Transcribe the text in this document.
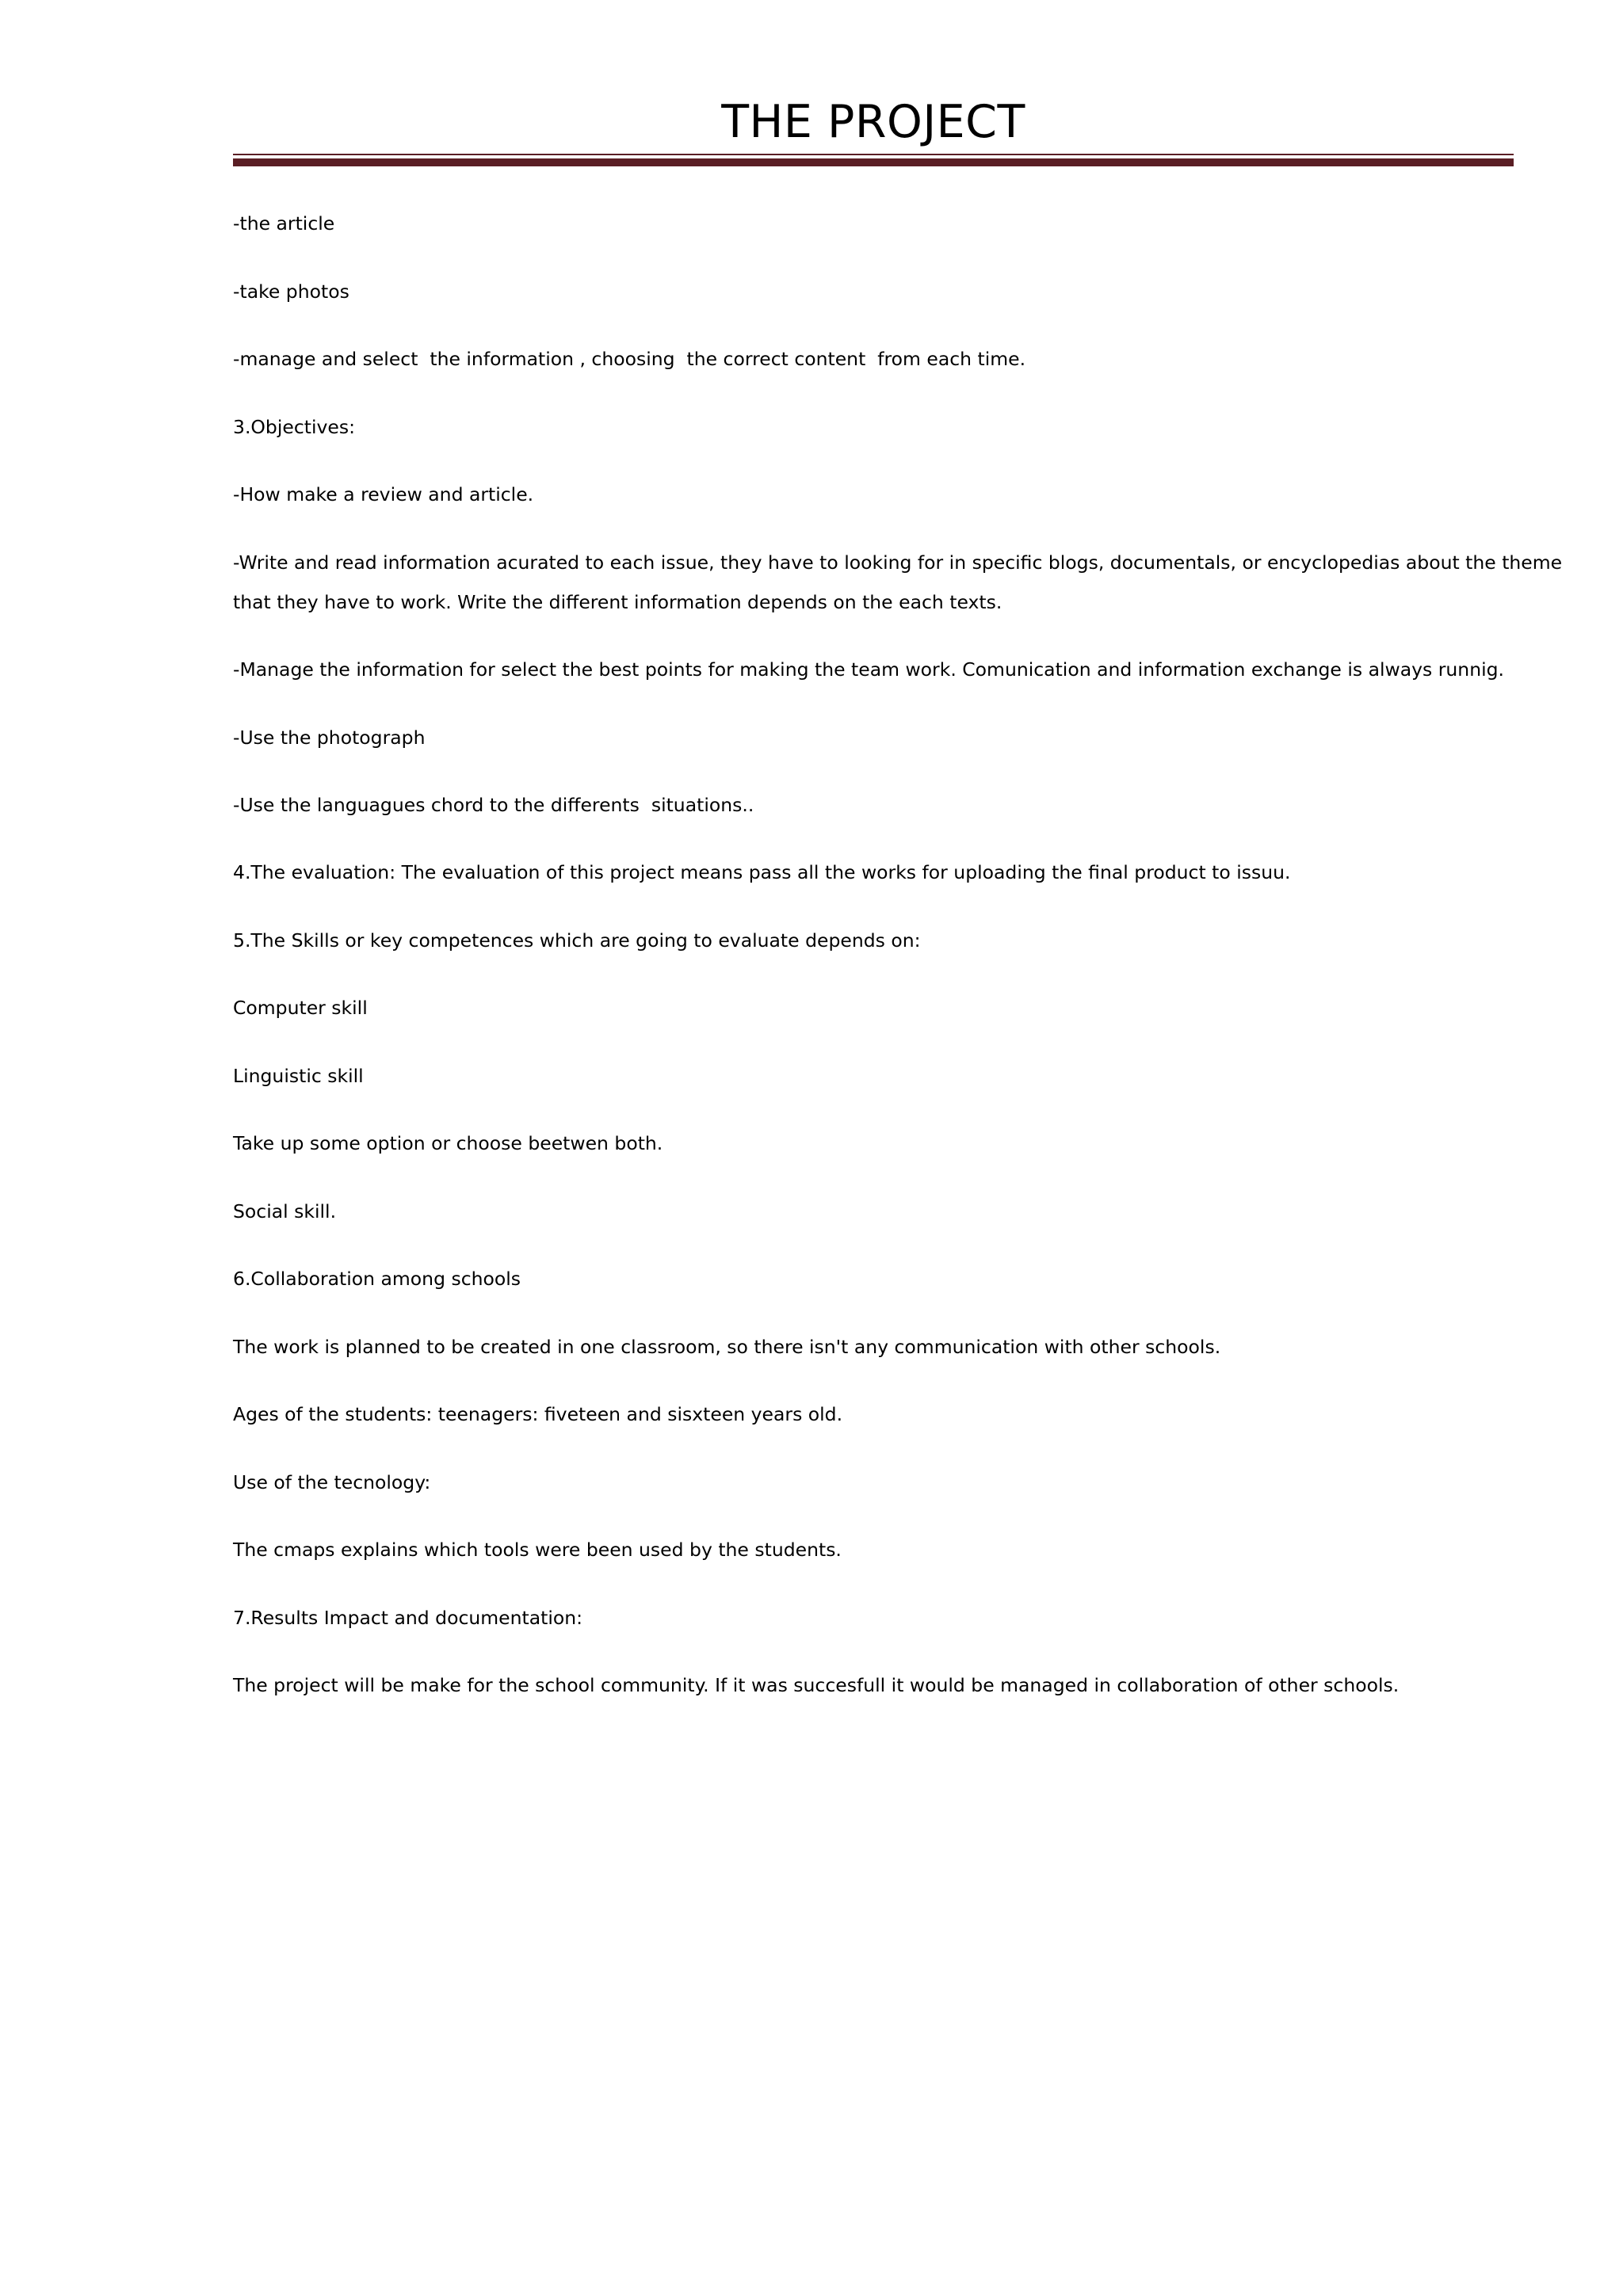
THE PROJECT
-the article
-take photos
-manage and select  the information , choosing  the correct content  from each time.
3.Objectives:
-How make a review and article.
-Write and read information acurated to each issue, they have to looking for in specific blogs, documentals, or encyclopedias about the theme
that they have to work. Write the different information depends on the each texts.
-Manage the information for select the best points for making the team work. Comunication and information exchange is always runnig.
-Use the photograph
-Use the languagues chord to the differents  situations..
4.The evaluation: The evaluation of this project means pass all the works for uploading the final product to issuu.
5.The Skills or key competences which are going to evaluate depends on:
Computer skill
Linguistic skill
Take up some option or choose beetwen both.
Social skill.
6.Collaboration among schools
The work is planned to be created in one classroom, so there isn't any communication with other schools.
Ages of the students: teenagers: fiveteen and sisxteen years old.
Use of the tecnology:
The cmaps explains which tools were been used by the students.
7.Results Impact and documentation:
The project will be make for the school community. If it was succesfull it would be managed in collaboration of other schools.
